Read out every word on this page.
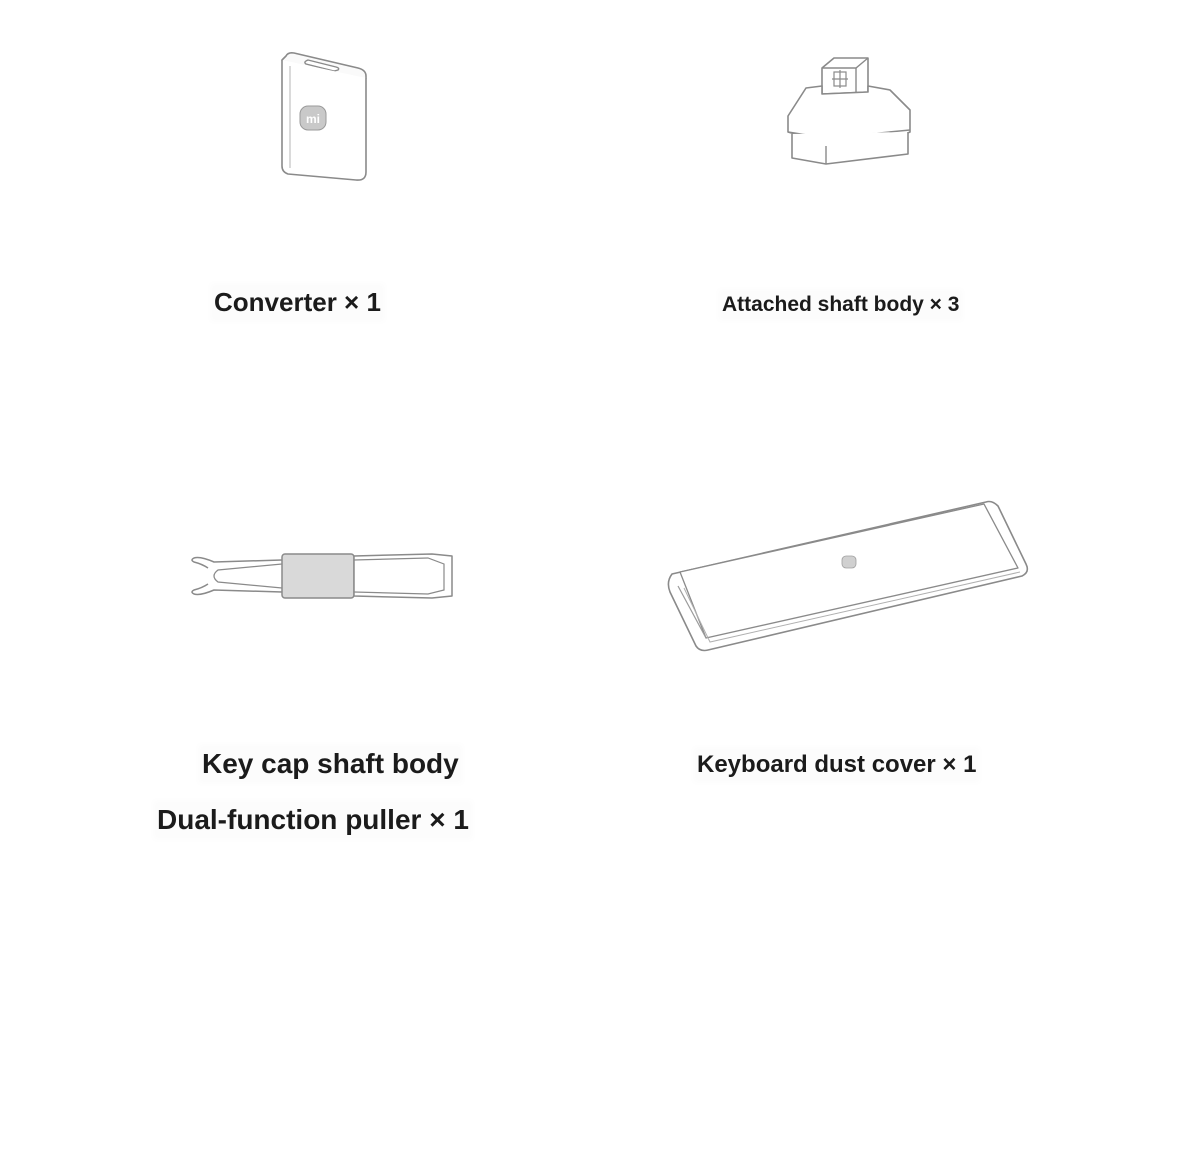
mi
Converter × 1	Attached shaft body × 3
Key cap shaft body
Dual-function puller × 1
Keyboard dust cover × 1
